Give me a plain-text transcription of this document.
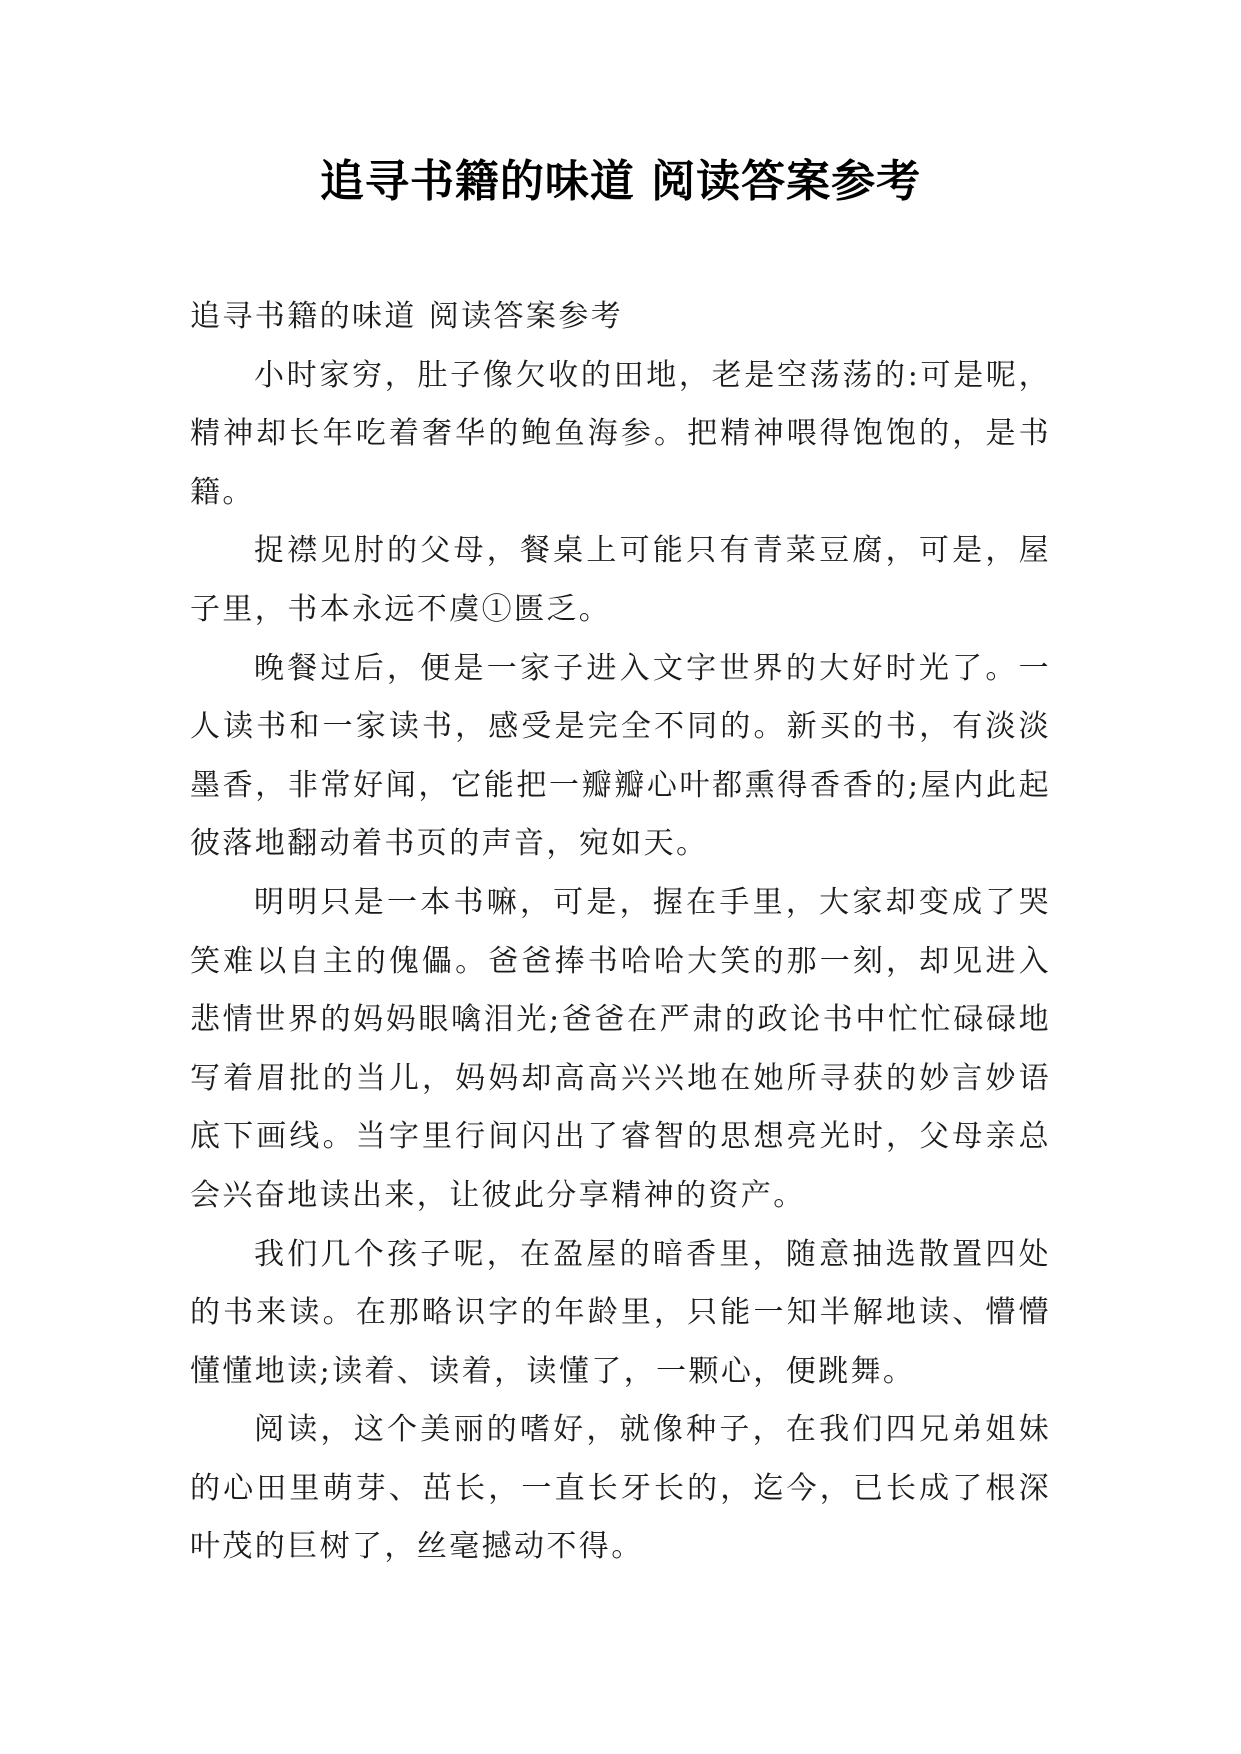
追寻书籍的味道 阅读答案参考

追寻书籍的味道 阅读答案参考

小时家穷，肚子像欠收的田地，老是空荡荡的:可是呢，精神却长年吃着奢华的鲍鱼海参。把精神喂得饱饱的，是书籍。

捉襟见肘的父母，餐桌上可能只有青菜豆腐，可是，屋子里，书本永远不虞①匮乏。

晚餐过后，便是一家子进入文字世界的大好时光了。一人读书和一家读书，感受是完全不同的。新买的书，有淡淡墨香，非常好闻，它能把一瓣瓣心叶都熏得香香的;屋内此起彼落地翻动着书页的声音，宛如天。

明明只是一本书嘛，可是，握在手里，大家却变成了哭笑难以自主的傀儡。爸爸捧书哈哈大笑的那一刻，却见进入悲情世界的妈妈眼噙泪光;爸爸在严肃的政论书中忙忙碌碌地写着眉批的当儿，妈妈却高高兴兴地在她所寻获的妙言妙语底下画线。当字里行间闪出了睿智的思想亮光时，父母亲总会兴奋地读出来，让彼此分享精神的资产。

我们几个孩子呢，在盈屋的暗香里，随意抽选散置四处的书来读。在那略识字的年龄里，只能一知半解地读、懵懵懂懂地读;读着、读着，读懂了，一颗心，便跳舞。

阅读，这个美丽的嗜好，就像种子，在我们四兄弟姐妹的心田里萌芽、茁长，一直长牙长的，迄今，已长成了根深叶茂的巨树了，丝毫撼动不得。
